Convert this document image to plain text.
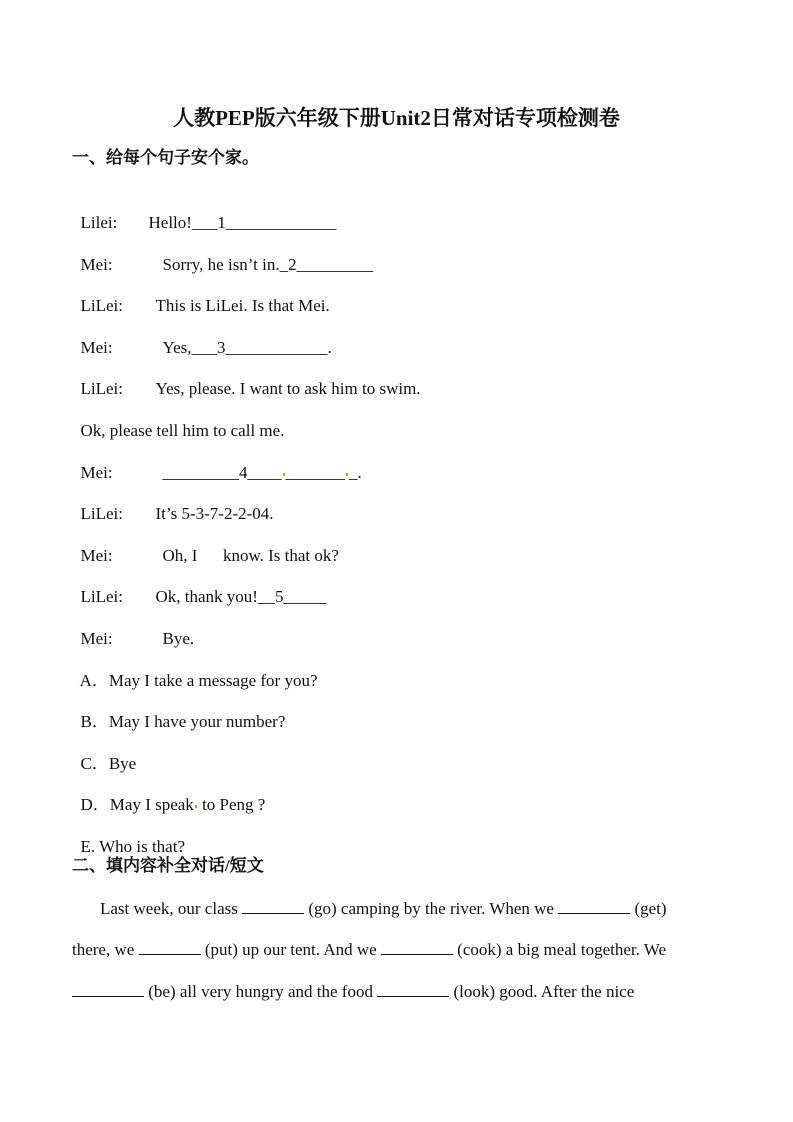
人教PEP版六年级下册Unit2日常对话专项检测卷
一、给每个句子安个家。

Lilei: Hello!___1_____________

Mei:	Sorry, he isn’t in._2_________

LiLei: This is LiLei. Is that Mei.

Mei:	Yes,___3____________.

LiLei: Yes, please. I want to ask him to swim.

Ok, please tell him to call me.

Mei:	_________4____ _______ _.

LiLei: It’s 5-3-7-2-2-04.

Mei:	Oh, I      know. Is that ok?

LiLei: Ok, thank you!__5_____

Mei:	Bye.

A．May I take a message for you?

B．May I have your number?

C．Bye

D．May I speak to Peng ?

E. Who is that?

二、填内容补全对话/短文
Last week, our class	(go) camping by the river. When we	(get)
there, we	(put) up our tent. And we	(cook) a big meal together. We
(be) all very hungry and the food	(look) good. After the nice
